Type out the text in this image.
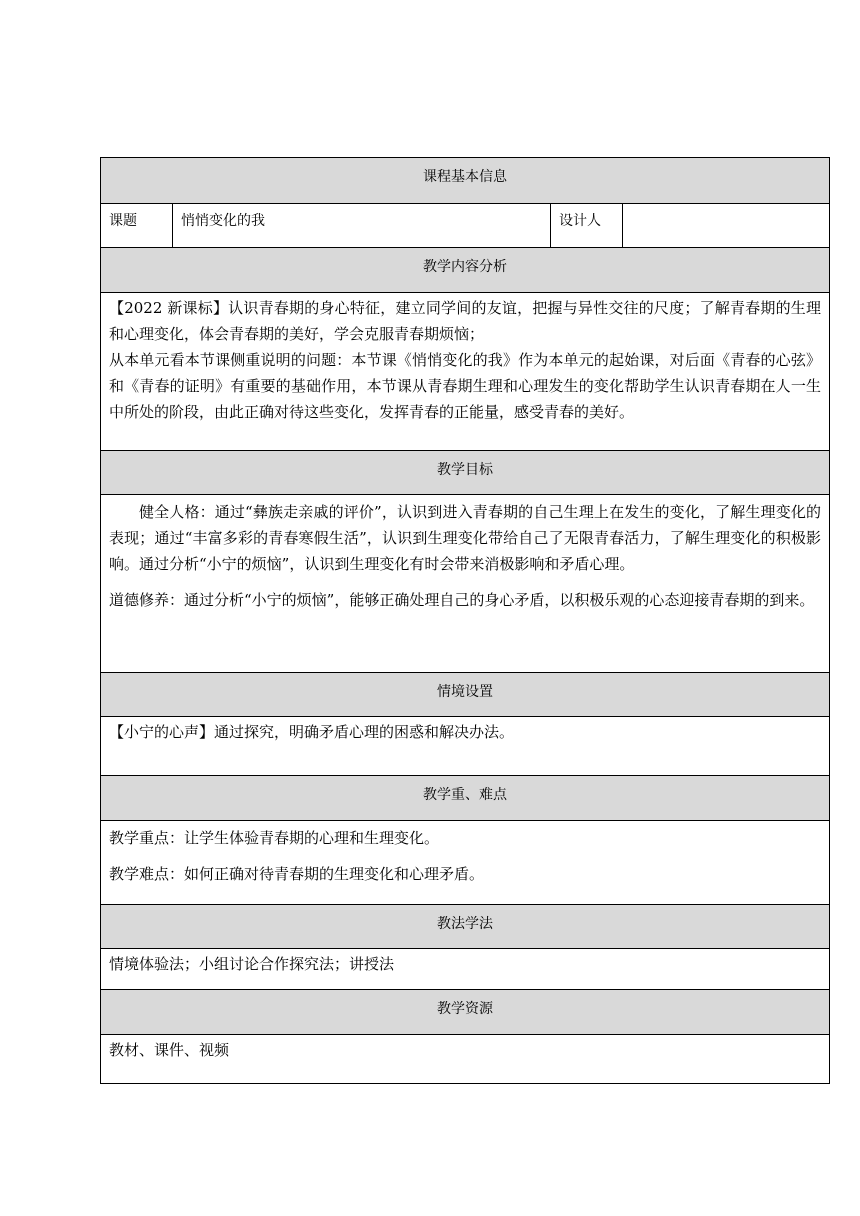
课程基本信息
课题	悄悄变化的我	设计人	
教学内容分析

【2022 新课标】认识青春期的身心特征，建立同学间的友谊，把握与异性交往的尺度；了解青春期的生理和心理变化，体会青春期的美好，学会克服青春期烦恼；

从本单元看本节课侧重说明的问题：本节课《悄悄变化的我》作为本单元的起始课，对后面《青春的心弦》和《青春的证明》有重要的基础作用，本节课从青春期生理和心理发生的变化帮助学生认识青春期在人一生中所处的阶段，由此正确对待这些变化，发挥青春的正能量，感受青春的美好。

教学目标

健全人格：通过“彝族走亲戚的评价”，认识到进入青春期的自己生理上在发生的变化，了解生理变化的表现；通过“丰富多彩的青春寒假生活”，认识到生理变化带给自己了无限青春活力，了解生理变化的积极影响。通过分析“小宁的烦恼”，认识到生理变化有时会带来消极影响和矛盾心理。

道德修养：通过分析“小宁的烦恼”，能够正确处理自己的身心矛盾，以积极乐观的心态迎接青春期的到来。

情境设置
【小宁的心声】通过探究，明确矛盾心理的困惑和解决办法。
教学重、难点

教学重点：让学生体验青春期的心理和生理变化。

教学难点：如何正确对待青春期的生理变化和心理矛盾。

教法学法
情境体验法；小组讨论合作探究法；讲授法
教学资源
教材、课件、视频
